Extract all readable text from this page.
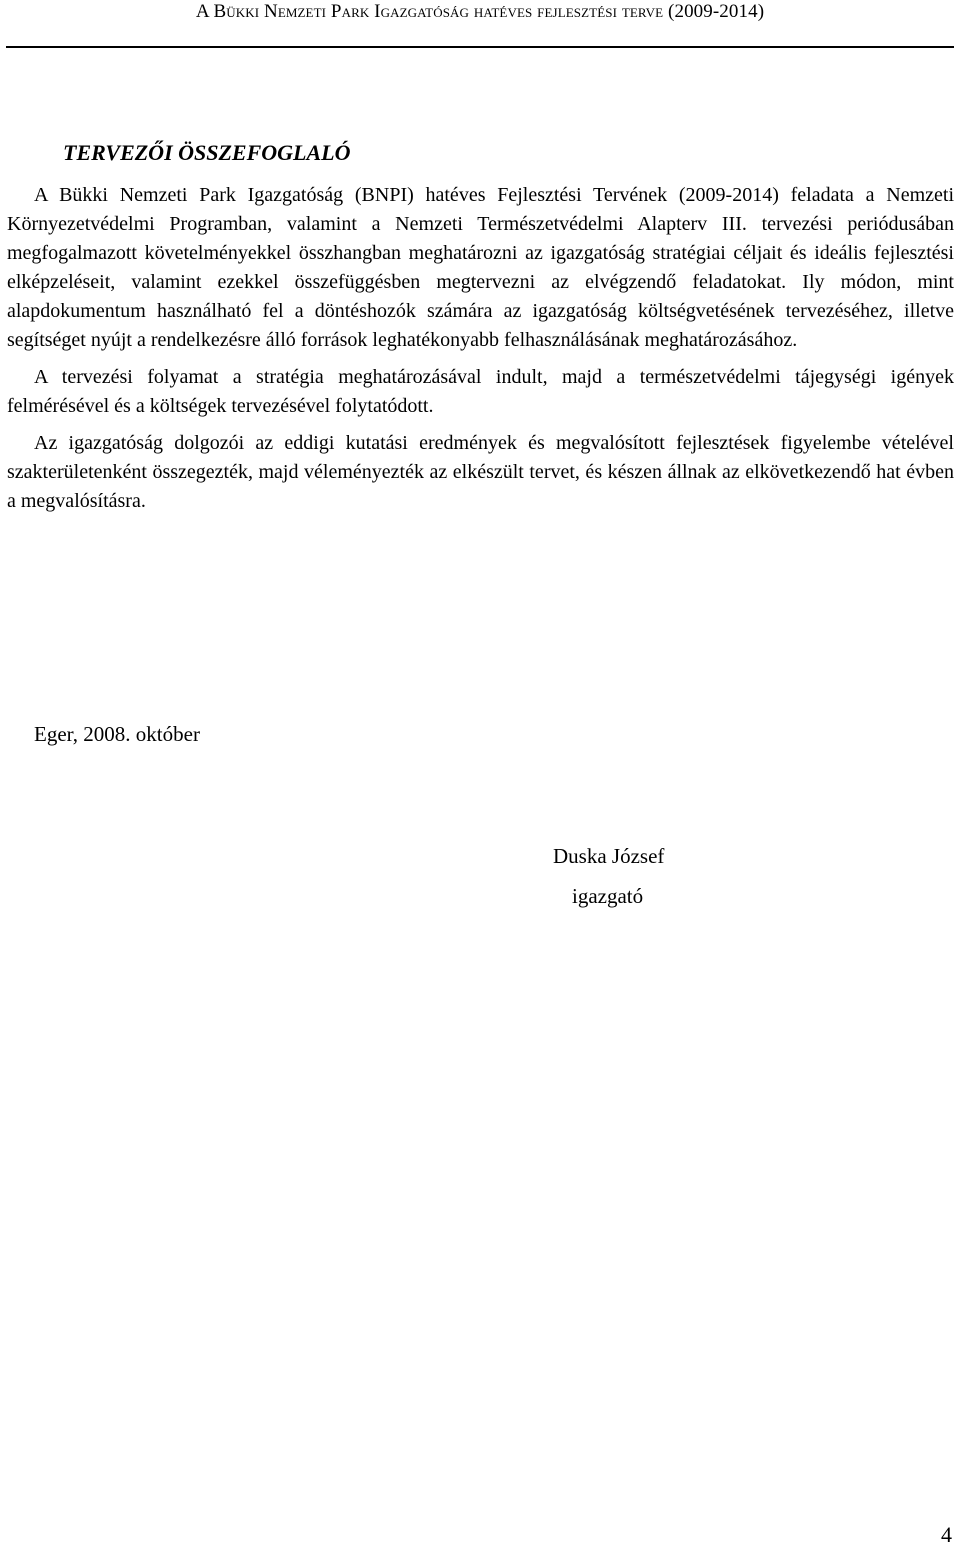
A Bükki Nemzeti Park Igazgatóság hatéves fejlesztési terve (2009-2014)
TERVEZŐI ÖSSZEFOGLALÓ

A Bükki Nemzeti Park Igazgatóság (BNPI) hatéves Fejlesztési Tervének (2009-2014) feladata a Nemzeti Környezetvédelmi Programban, valamint a Nemzeti Természetvédelmi Alapterv III. tervezési periódusában megfogalmazott követelményekkel összhangban meghatározni az igazgatóság stratégiai céljait és ideális fejlesztési elképzeléseit, valamint ezekkel összefüggésben megtervezni az elvégzendő feladatokat. Ily módon, mint alapdokumentum használható fel a döntéshozók számára az igazgatóság költségvetésének tervezéséhez, illetve segítséget nyújt a rendelkezésre álló források leghatékonyabb felhasználásának meghatározásához.

A tervezési folyamat a stratégia meghatározásával indult, majd a természetvédelmi tájegységi igények felmérésével és a költségek tervezésével folytatódott.

Az igazgatóság dolgozói az eddigi kutatási eredmények és megvalósított fejlesztések figyelembe vételével szakterületenként összegezték, majd véleményezték az elkészült tervet, és készen állnak az elkövetkezendő hat évben a megvalósításra.

Eger, 2008. október
Duska József
igazgató
4
